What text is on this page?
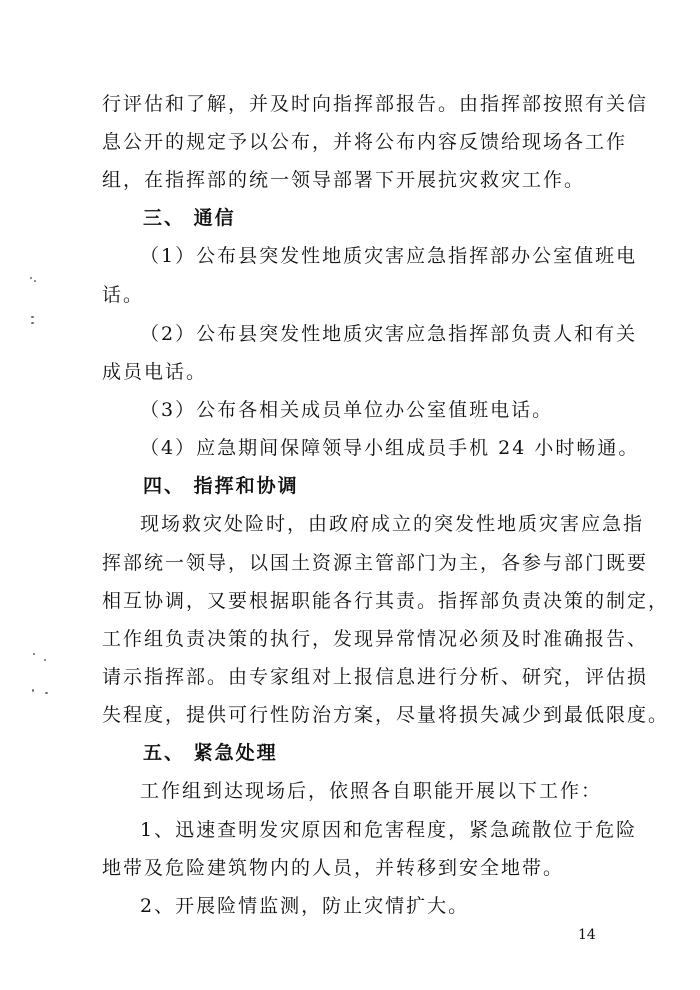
行评估和了解，并及时向指挥部报告。由指挥部按照有关信
息公开的规定予以公布，并将公布内容反馈给现场各工作
组，在指挥部的统一领导部署下开展抗灾救灾工作。
三、 通信
（1）公布县突发性地质灾害应急指挥部办公室值班电
话。
（2）公布县突发性地质灾害应急指挥部负责人和有关
成员电话。
（3）公布各相关成员单位办公室值班电话。
（4）应急期间保障领导小组成员手机 24 小时畅通。
四、 指挥和协调
现场救灾处险时，由政府成立的突发性地质灾害应急指
挥部统一领导，以国土资源主管部门为主，各参与部门既要
相互协调，又要根据职能各行其责。指挥部负责决策的制定，
工作组负责决策的执行，发现异常情况必须及时准确报告、
请示指挥部。由专家组对上报信息进行分析、研究，评估损
失程度，提供可行性防治方案，尽量将损失减少到最低限度。
五、 紧急处理
工作组到达现场后，依照各自职能开展以下工作：
1、迅速查明发灾原因和危害程度，紧急疏散位于危险
地带及危险建筑物内的人员，并转移到安全地带。
2、开展险情监测，防止灾情扩大。
14
